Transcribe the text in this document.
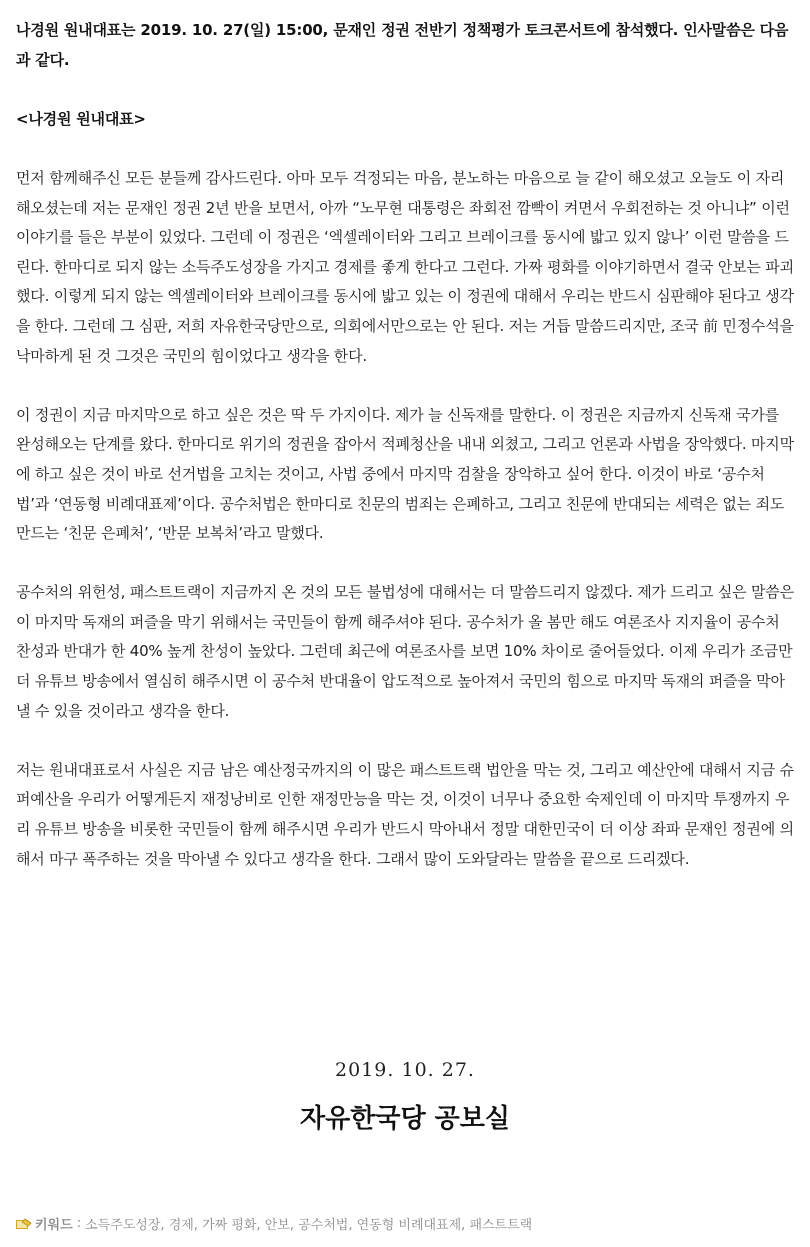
나경원 원내대표는 2019. 10. 27(일) 15:00, 문재인 정권 전반기 정책평가 토크콘서트에 참석했다. 인사말씀은 다음과 같다.

<나경원 원내대표>

먼저 함께해주신 모든 분들께 감사드린다. 아마 모두 걱정되는 마음, 분노하는 마음으로 늘 같이 해오셨고 오늘도 이 자리 해오셨는데 저는 문재인 정권 2년 반을 보면서, 아까 “노무현 대통령은 좌회전 깜빡이 켜면서 우회전하는 것 아니냐” 이런 이야기를 들은 부분이 있었다. 그런데 이 정권은 ‘엑셀레이터와 그리고 브레이크를 동시에 밟고 있지 않나’ 이런 말씀을 드린다. 한마디로 되지 않는 소득주도성장을 가지고 경제를 좋게 한다고 그런다. 가짜 평화를 이야기하면서 결국 안보는 파괴했다. 이렇게 되지 않는 엑셀레이터와 브레이크를 동시에 밟고 있는 이 정권에 대해서 우리는 반드시 심판해야 된다고 생각을 한다. 그런데 그 심판, 저희 자유한국당만으로, 의회에서만으로는 안 된다. 저는 거듭 말씀드리지만, 조국 前 민정수석을 낙마하게 된 것 그것은 국민의 힘이었다고 생각을 한다.

이 정권이 지금 마지막으로 하고 싶은 것은 딱 두 가지이다. 제가 늘 신독재를 말한다. 이 정권은 지금까지 신독재 국가를 완성해오는 단계를 왔다. 한마디로 위기의 정권을 잡아서 적폐청산을 내내 외쳤고, 그리고 언론과 사법을 장악했다. 마지막에 하고 싶은 것이 바로 선거법을 고치는 것이고, 사법 중에서 마지막 검찰을 장악하고 싶어 한다. 이것이 바로 ‘공수처법’과 ‘연동형 비례대표제’이다. 공수처법은 한마디로 친문의 범죄는 은폐하고, 그리고 친문에 반대되는 세력은 없는 죄도 만드는 ‘친문 은폐처’, ‘반문 보복처’라고 말했다.

공수처의 위헌성, 패스트트랙이 지금까지 온 것의 모든 불법성에 대해서는 더 말씀드리지 않겠다. 제가 드리고 싶은 말씀은 이 마지막 독재의 퍼즐을 막기 위해서는 국민들이 함께 해주셔야 된다. 공수처가 올 봄만 해도 여론조사 지지율이 공수처 찬성과 반대가 한 40% 높게 찬성이 높았다. 그런데 최근에 여론조사를 보면 10% 차이로 줄어들었다. 이제 우리가 조금만 더 유튜브 방송에서 열심히 해주시면 이 공수처 반대율이 압도적으로 높아져서 국민의 힘으로 마지막 독재의 퍼즐을 막아낼 수 있을 것이라고 생각을 한다.

저는 원내대표로서 사실은 지금 남은 예산정국까지의 이 많은 패스트트랙 법안을 막는 것, 그리고 예산안에 대해서 지금 슈퍼예산을 우리가 어떻게든지 재정낭비로 인한 재정만능을 막는 것, 이것이 너무나 중요한 숙제인데 이 마지막 투쟁까지 우리 유튜브 방송을 비롯한 국민들이 함께 해주시면 우리가 반드시 막아내서 정말 대한민국이 더 이상 좌파 문재인 정권에 의해서 마구 폭주하는 것을 막아낼 수 있다고 생각을 한다. 그래서 많이 도와달라는 말씀을 끝으로 드리겠다.

2019. 10. 27.
자유한국당 공보실
키워드 : 소득주도성장, 경제, 가짜 평화, 안보, 공수처법, 연동형 비례대표제, 패스트트랙
